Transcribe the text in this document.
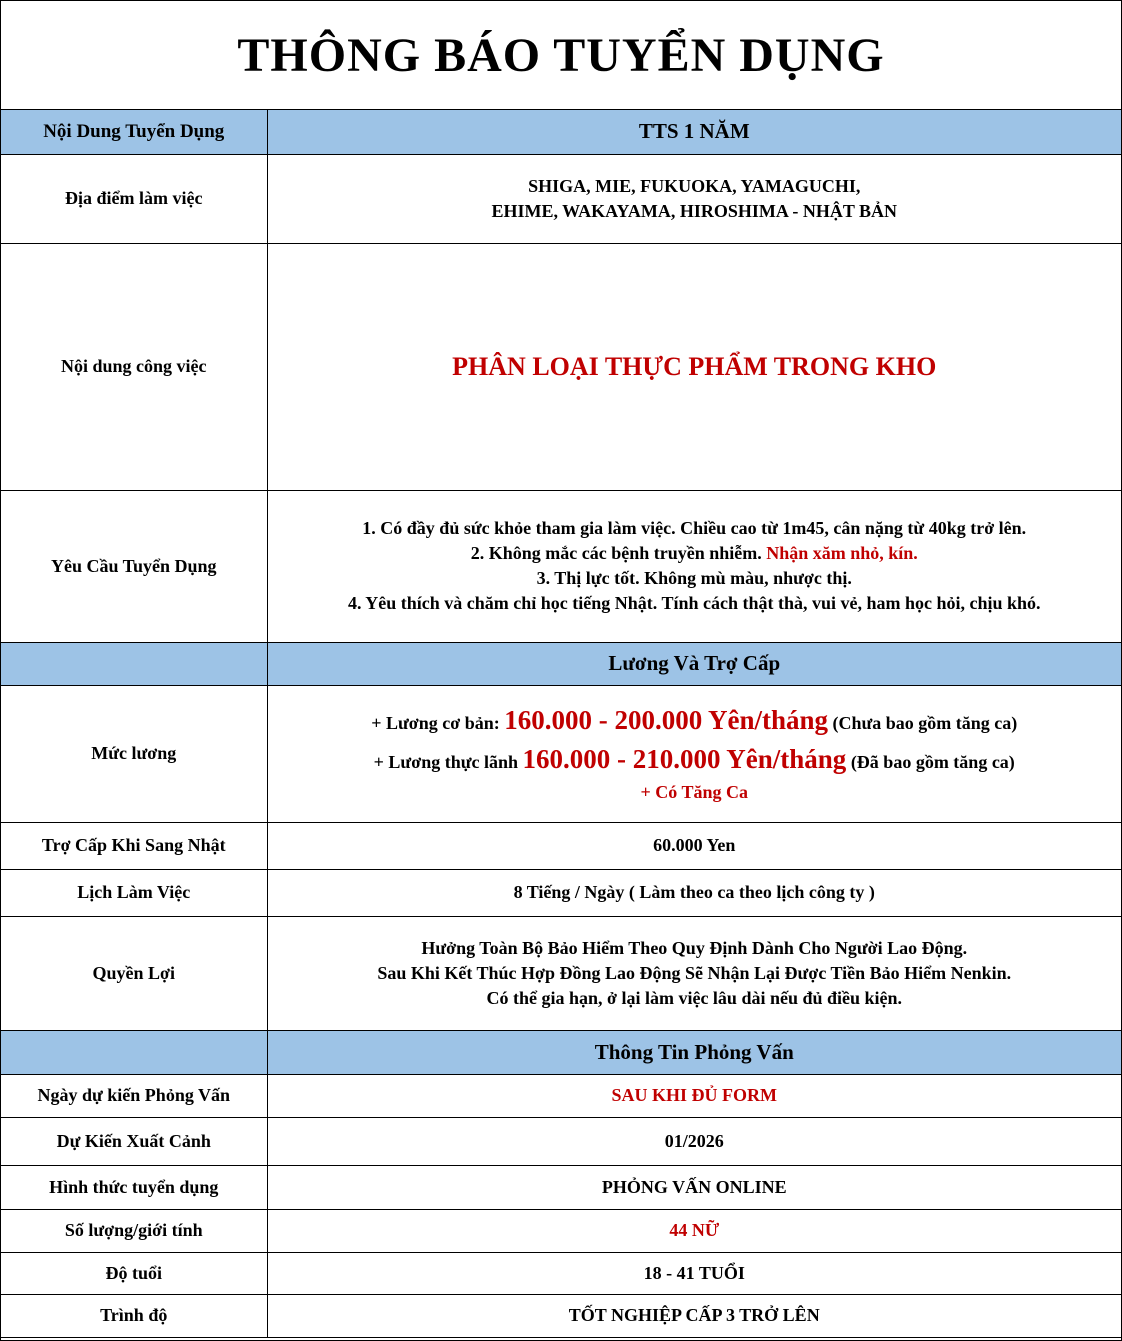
THÔNG BÁO TUYỂN DỤNG
Nội Dung Tuyển Dụng	TTS 1 NĂM
Địa điểm làm việc	SHIGA, MIE, FUKUOKA, YAMAGUCHI,
EHIME, WAKAYAMA, HIROSHIMA - NHẬT BẢN

Nội dung công việc	PHÂN LOẠI THỰC PHẨM TRONG KHO
Yêu Cầu Tuyển Dụng	1. Có đầy đủ sức khỏe tham gia làm việc. Chiều cao từ 1m45, cân nặng từ 40kg trở lên.
2. Không mắc các bệnh truyền nhiễm. Nhận xăm nhỏ, kín.
3. Thị lực tốt. Không mù màu, nhược thị.
4. Yêu thích và chăm chỉ học tiếng Nhật. Tính cách thật thà, vui vẻ, ham học hỏi, chịu khó.

	Lương Và Trợ Cấp
Mức lương	+ Lương cơ bản: 160.000 - 200.000 Yên/tháng (Chưa bao gồm tăng ca)
+ Lương thực lãnh 160.000 - 210.000 Yên/tháng (Đã bao gồm tăng ca)
+ Có Tăng Ca

Trợ Cấp Khi Sang Nhật	60.000 Yen
Lịch Làm Việc	8 Tiếng / Ngày ( Làm theo ca theo lịch công ty )
Quyền Lợi	Hưởng Toàn Bộ Bảo Hiểm Theo Quy Định Dành Cho Người Lao Động.
Sau Khi Kết Thúc Hợp Đồng Lao Động Sẽ Nhận Lại Được Tiền Bảo Hiểm Nenkin.
Có thể gia hạn, ở lại làm việc lâu dài nếu đủ điều kiện.

	Thông Tin Phỏng Vấn
Ngày dự kiến Phỏng Vấn	SAU KHI ĐỦ FORM
Dự Kiến Xuất Cảnh	01/2026
Hình thức tuyển dụng	PHỎNG VẤN ONLINE
Số lượng/giới tính	44 NỮ
Độ tuổi	18 - 41 TUỔI
Trình độ	TỐT NGHIỆP CẤP 3 TRỞ LÊN
